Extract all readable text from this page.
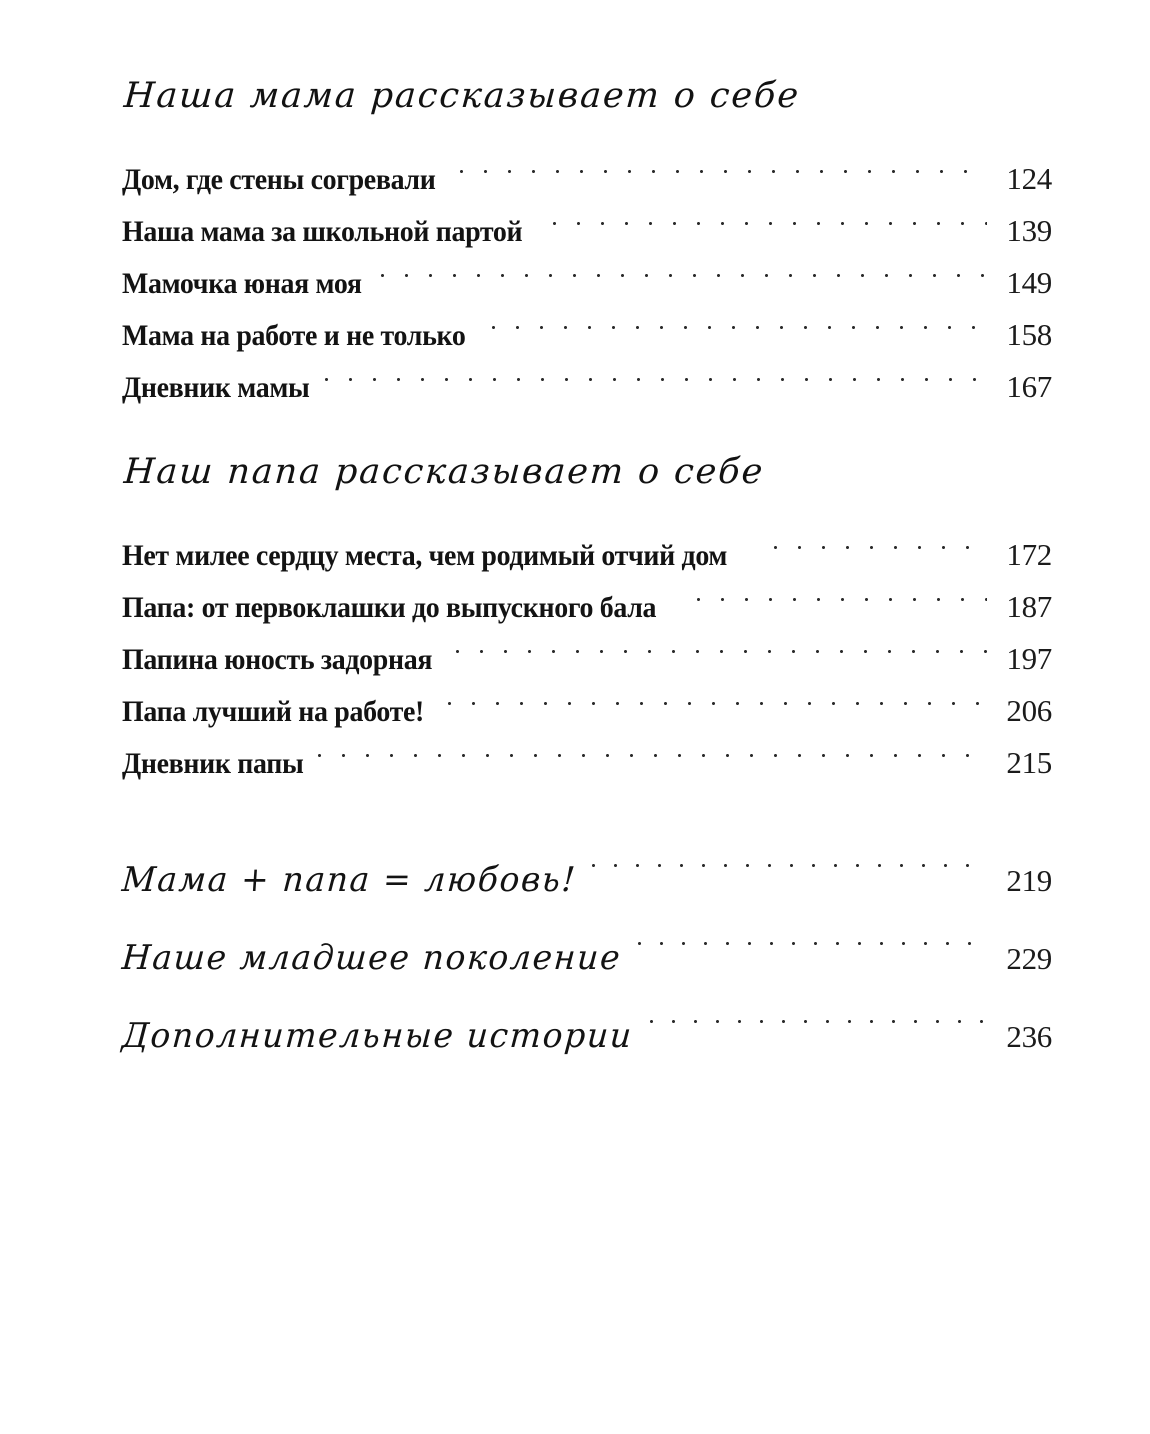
Наша мама рассказывает о себе
Дом, где стены согревали	124
Наша мама за школьной партой	139
Мамочка юная моя	149
Мама на работе и не только	158
Дневник мамы	167
Наш папа рассказывает о себе
Нет милее сердцу места, чем родимый отчий дом	172
Папа: от первоклашки до выпускного бала	187
Папина юность задорная	197
Папа лучший на работе!	206
Дневник папы	215
Мама + папа = любовь!	219
Наше младшее поколение	229
Дополнительные истории	236
